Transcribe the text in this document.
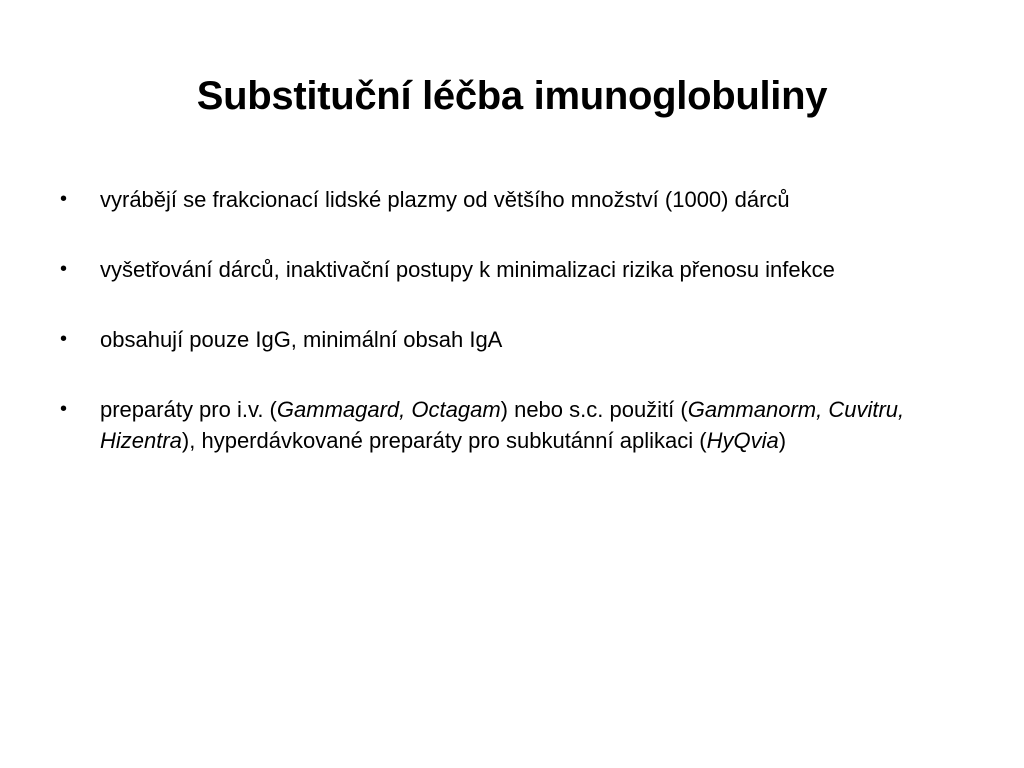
Substituční léčba imunoglobuliny
• vyrábějí se frakcionací lidské plazmy od většího množství (1000) dárců
• vyšetřování dárců, inaktivační postupy k minimalizaci rizika přenosu infekce
• obsahují pouze IgG, minimální obsah IgA
• preparáty pro i.v. (Gammagard, Octagam) nebo s.c. použití (Gammanorm, Cuvitru, Hizentra), hyperdávkované preparáty pro subkutánní aplikaci (HyQvia)
